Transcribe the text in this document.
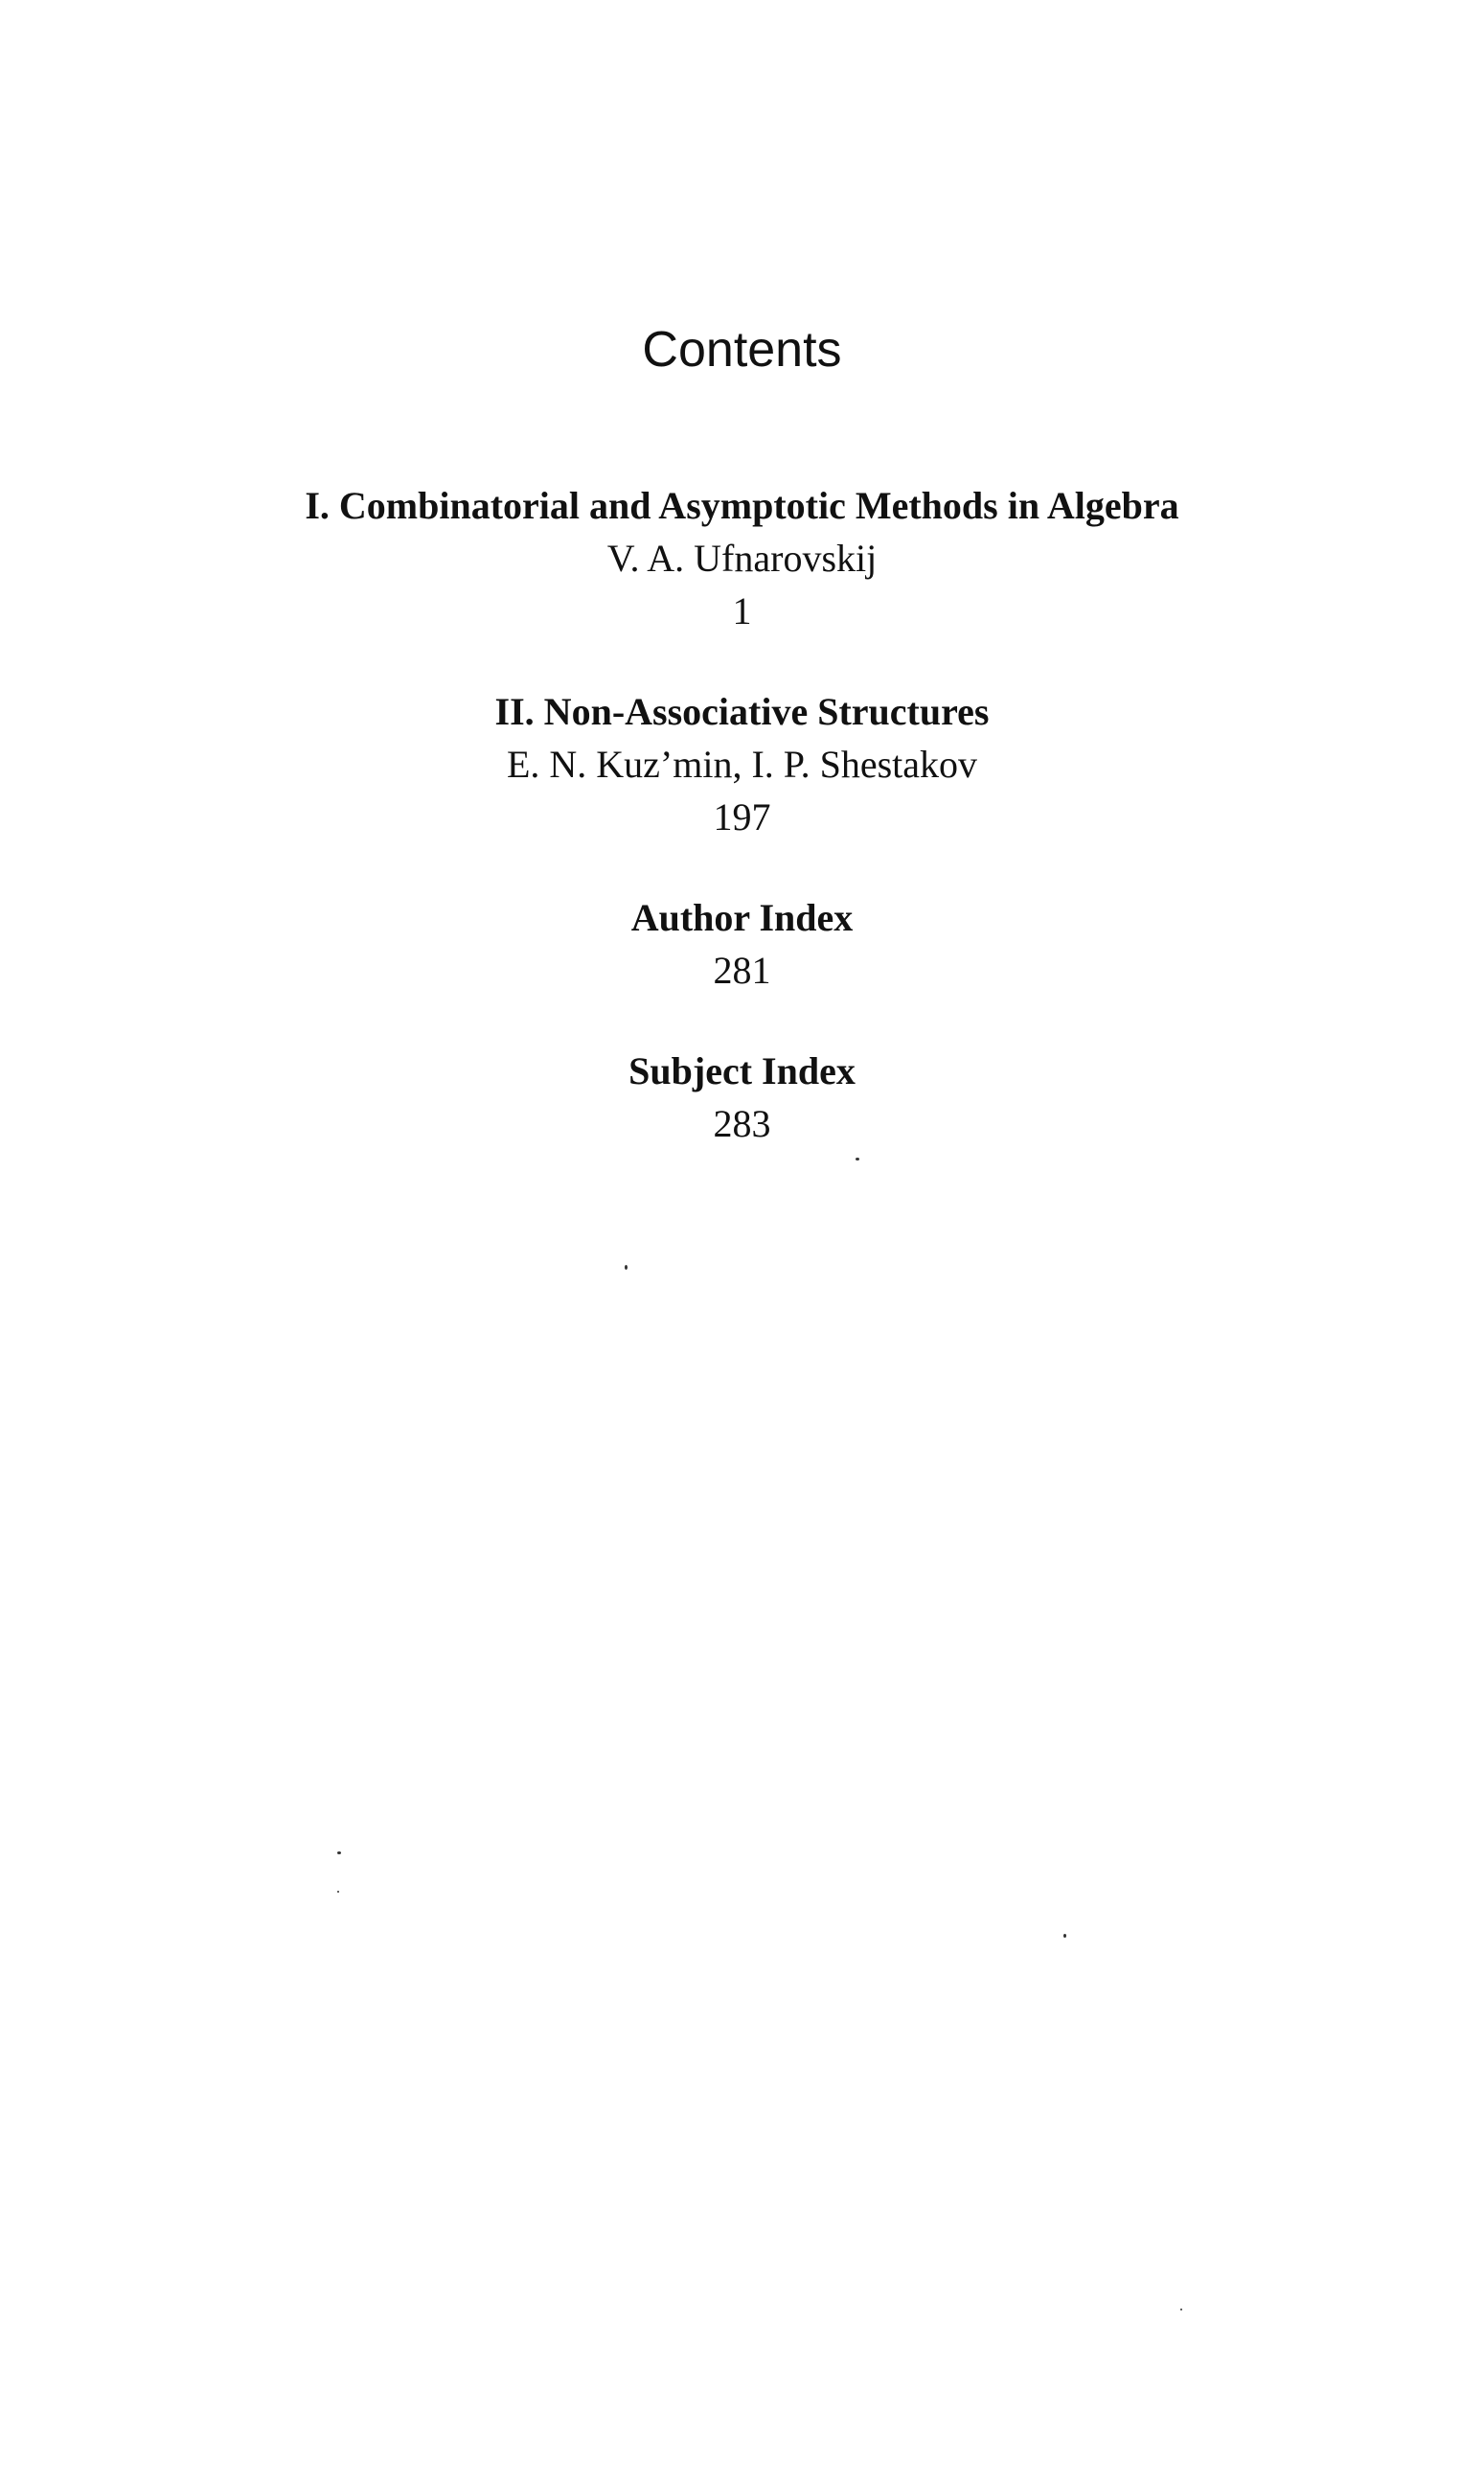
Contents
I. Combinatorial and Asymptotic Methods in Algebra
V. A. Ufnarovskij
1
II. Non-Associative Structures
E. N. Kuz’min, I. P. Shestakov
197
Author Index
281
Subject Index
283
